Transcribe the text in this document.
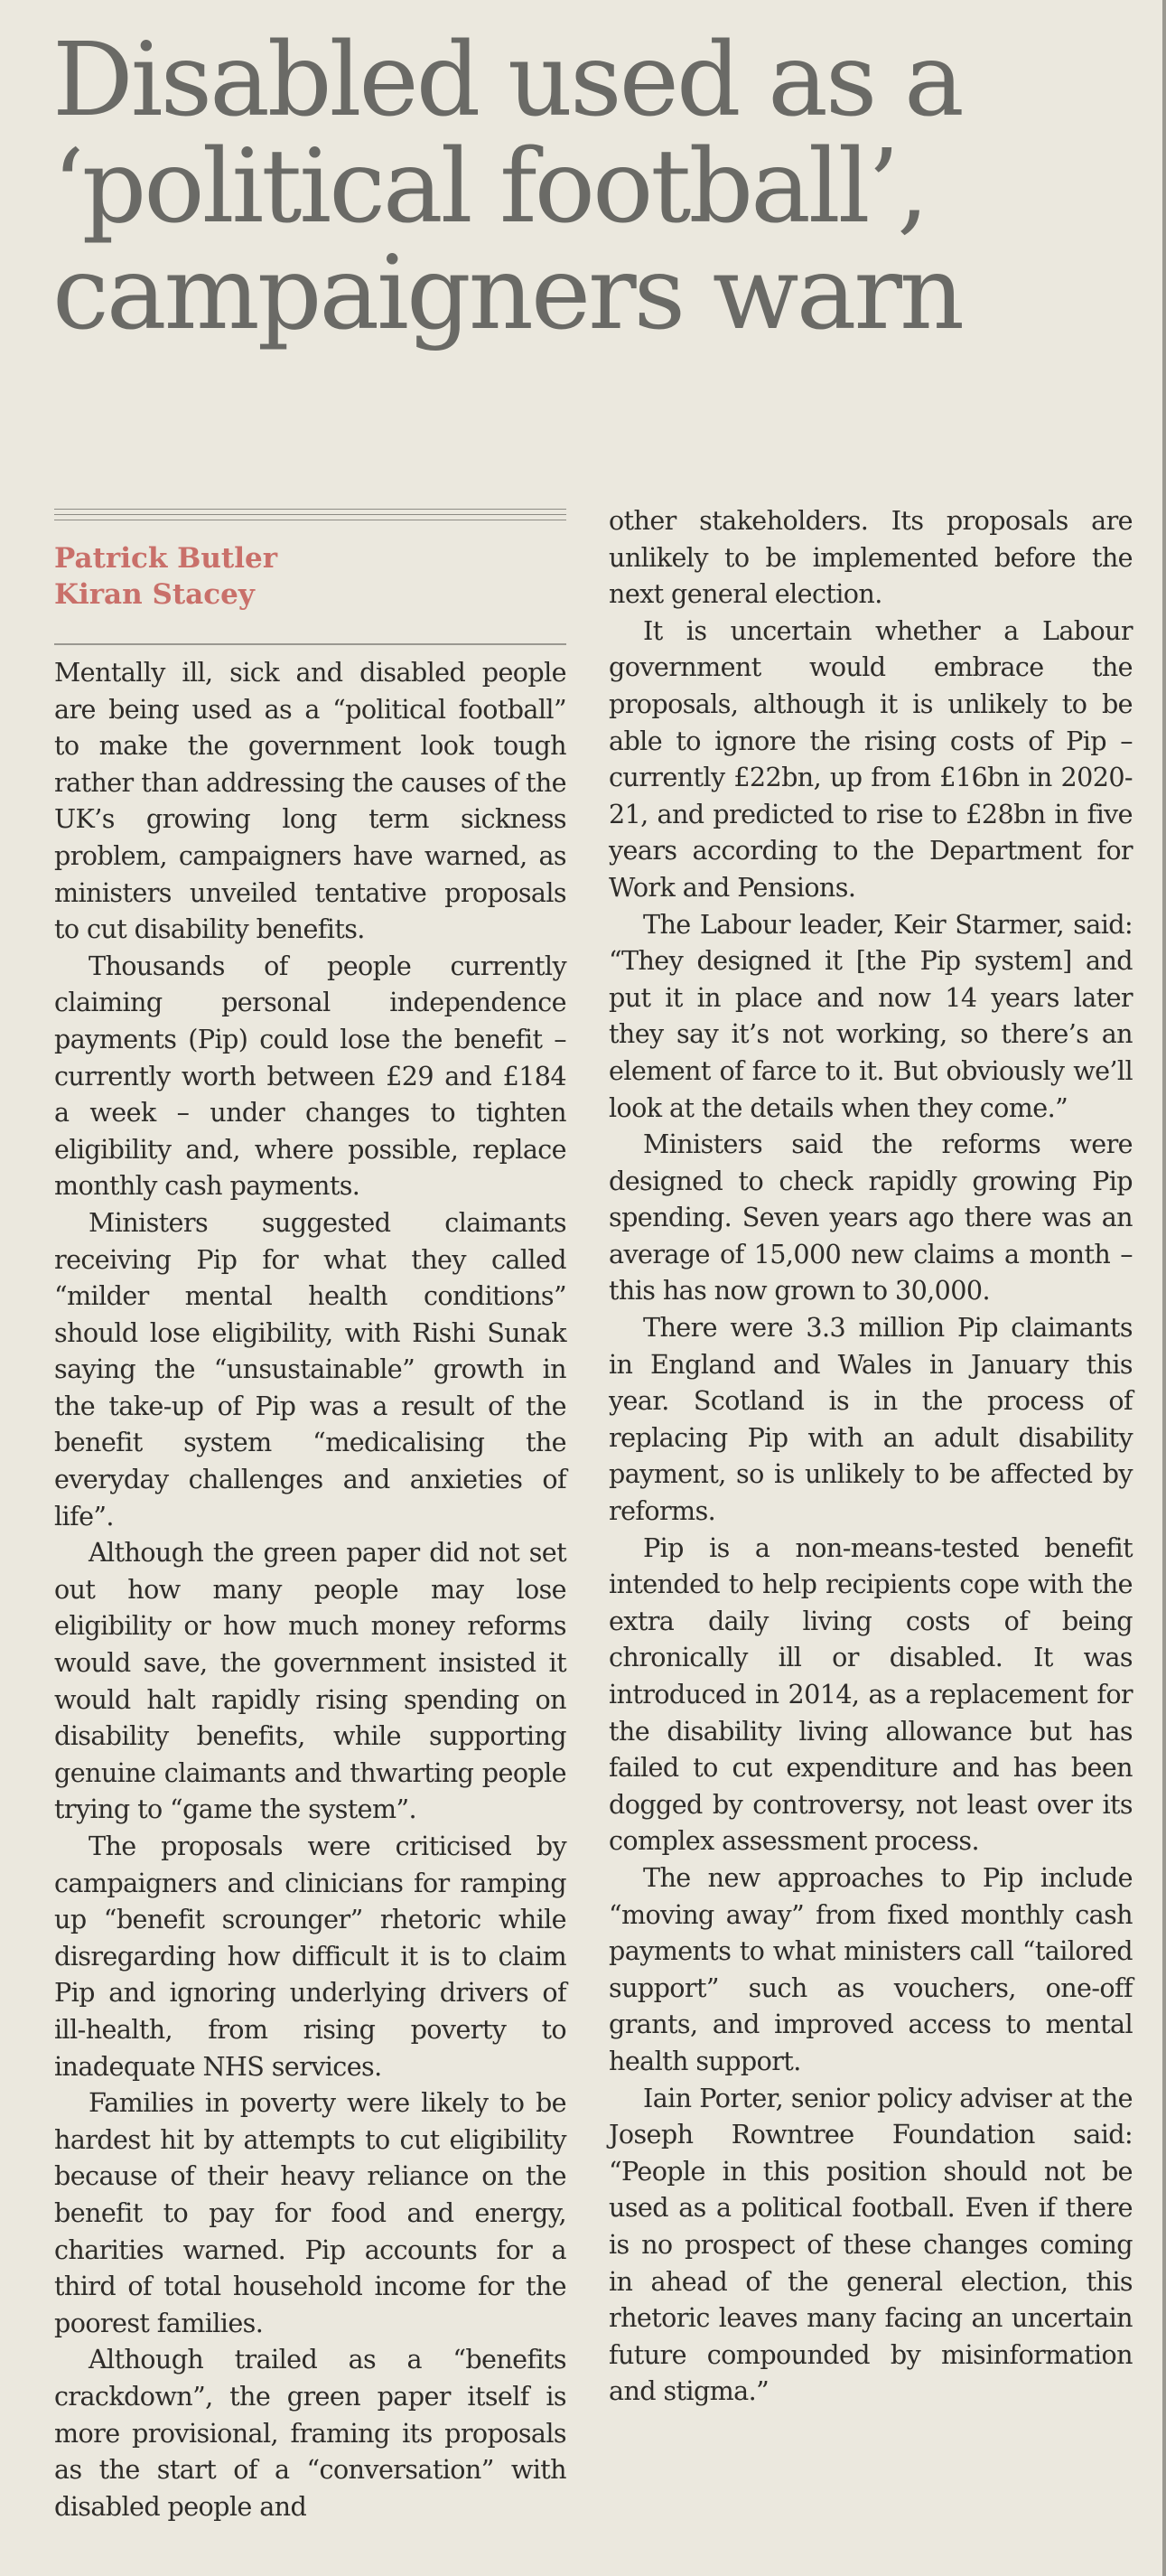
Disabled used as a
‘political football’,
campaigners warn
Patrick Butler
Kiran Stacey

Mentally ill, sick and disabled people are being used as a “political football” to make the government look tough rather than addressing the causes of the UK’s growing long term sickness problem, campaigners have warned, as ministers unveiled tentative proposals to cut disability benefits.

Thousands of people currently claiming personal independence payments (Pip) could lose the benefit – currently worth between £29 and £184 a week – under changes to tighten eligibility and, where possible, replace monthly cash payments.

Ministers suggested claimants receiving Pip for what they called “milder mental health conditions” should lose eligibility, with Rishi Sunak saying the “unsustainable” growth in the take-up of Pip was a result of the benefit system “medicalising the everyday challenges and anxieties of life”.

Although the green paper did not set out how many people may lose eligibility or how much money reforms would save, the government insisted it would halt rapidly rising spending on disability benefits, while supporting genuine claimants and thwarting people trying to “game the system”.

The proposals were criticised by campaigners and clinicians for ramping up “benefit scrounger” rhetoric while disregarding how difficult it is to claim Pip and ignoring underlying drivers of ill-health, from rising poverty to inadequate NHS services.

Families in poverty were likely to be hardest hit by attempts to cut eligibility because of their heavy reliance on the benefit to pay for food and energy, charities warned. Pip accounts for a third of total household income for the poorest families.

Although trailed as a “benefits crackdown”, the green paper itself is more provisional, framing its proposals as the start of a “conversation” with disabled people and

other stakeholders. Its proposals are unlikely to be implemented before the next general election.

It is uncertain whether a Labour government would embrace the proposals, although it is unlikely to be able to ignore the rising costs of Pip – currently £22bn, up from £16bn in 2020-21, and predicted to rise to £28bn in five years according to the Department for Work and Pensions.

The Labour leader, Keir Starmer, said: “They designed it [the Pip system] and put it in place and now 14 years later they say it’s not working, so there’s an element of farce to it. But obviously we’ll look at the details when they come.”

Ministers said the reforms were designed to check rapidly growing Pip spending. Seven years ago there was an average of 15,000 new claims a month – this has now grown to 30,000.

There were 3.3 million Pip claimants in England and Wales in January this year. Scotland is in the process of replacing Pip with an adult disability payment, so is unlikely to be affected by reforms.

Pip is a non-means-tested benefit intended to help recipients cope with the extra daily living costs of being chronically ill or disabled. It was introduced in 2014, as a replacement for the disability living allowance but has failed to cut expenditure and has been dogged by controversy, not least over its complex assessment process.

The new approaches to Pip include “moving away” from fixed monthly cash payments to what ministers call “tailored support” such as vouchers, one-off grants, and improved access to mental health support.

Iain Porter, senior policy adviser at the Joseph Rowntree Foundation said: “People in this position should not be used as a political football. Even if there is no prospect of these changes coming in ahead of the general election, this rhetoric leaves many facing an uncertain future compounded by misinformation and stigma.”
